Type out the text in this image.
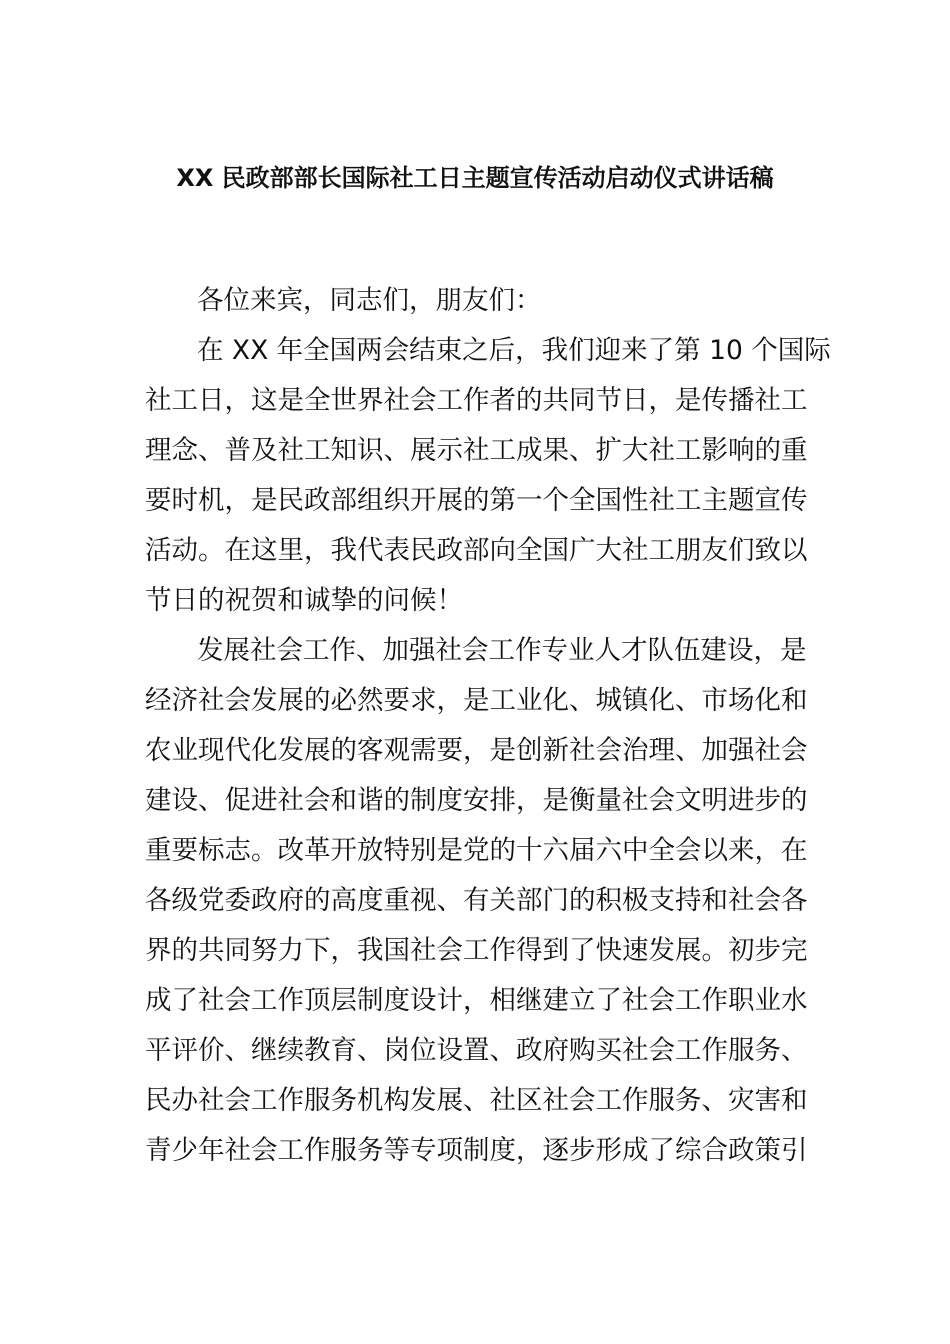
XX 民政部部长国际社工日主题宣传活动启动仪式讲话稿
各位来宾，同志们，朋友们：
在 XX 年全国两会结束之后，我们迎来了第 10 个国际
社工日，这是全世界社会工作者的共同节日，是传播社工
理念、普及社工知识、展示社工成果、扩大社工影响的重
要时机，是民政部组织开展的第一个全国性社工主题宣传
活动。在这里，我代表民政部向全国广大社工朋友们致以
节日的祝贺和诚挚的问候！
发展社会工作、加强社会工作专业人才队伍建设，是
经济社会发展的必然要求，是工业化、城镇化、市场化和
农业现代化发展的客观需要，是创新社会治理、加强社会
建设、促进社会和谐的制度安排，是衡量社会文明进步的
重要标志。改革开放特别是党的十六届六中全会以来，在
各级党委政府的高度重视、有关部门的积极支持和社会各
界的共同努力下，我国社会工作得到了快速发展。初步完
成了社会工作顶层制度设计，相继建立了社会工作职业水
平评价、继续教育、岗位设置、政府购买社会工作服务、
民办社会工作服务机构发展、社区社会工作服务、灾害和
青少年社会工作服务等专项制度，逐步形成了综合政策引
